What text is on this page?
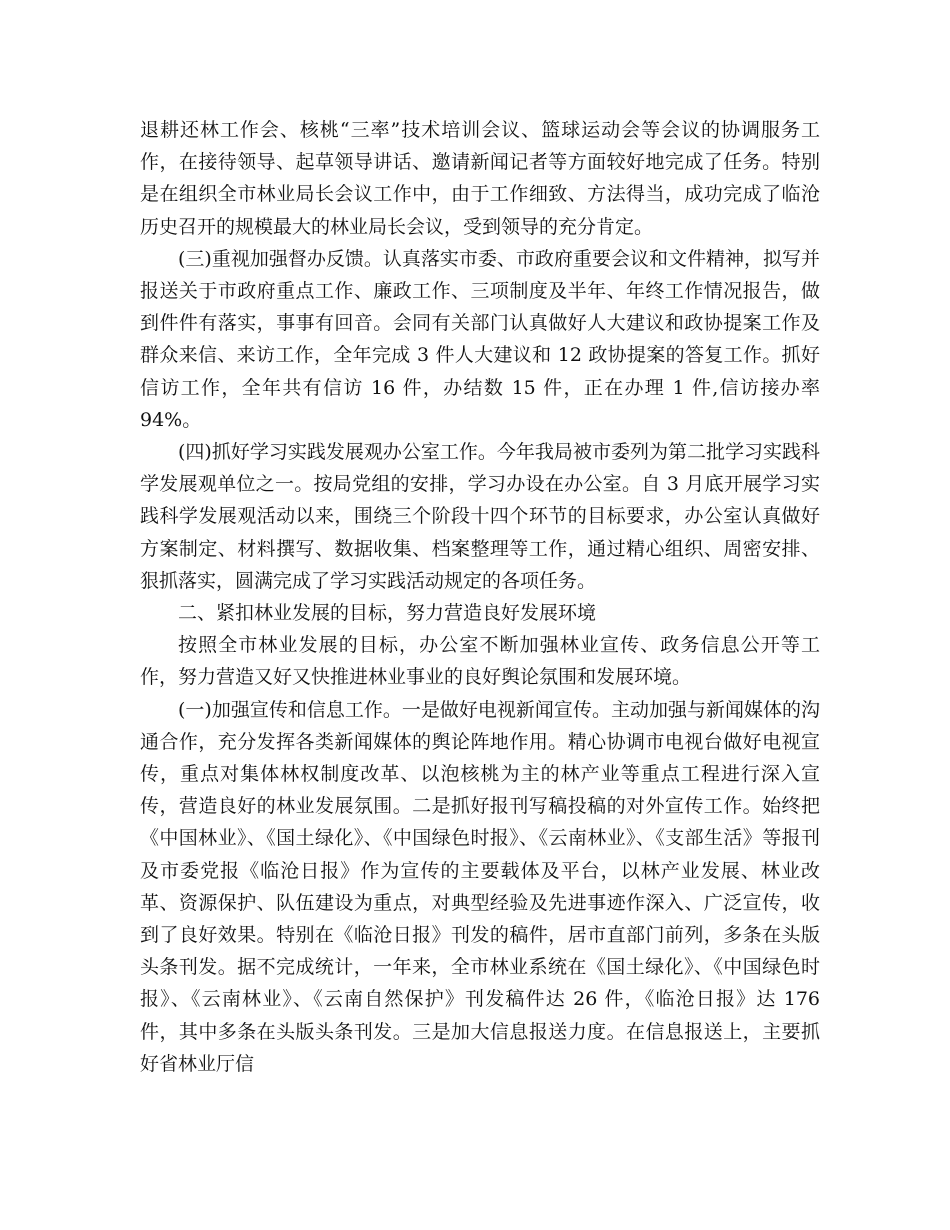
退耕还林工作会、核桃“三率”技术培训会议、篮球运动会等会议的协调服务工作，在接待领导、起草领导讲话、邀请新闻记者等方面较好地完成了任务。特别是在组织全市林业局长会议工作中，由于工作细致、方法得当，成功完成了临沧历史召开的规模最大的林业局长会议，受到领导的充分肯定。

(三)重视加强督办反馈。认真落实市委、市政府重要会议和文件精神，拟写并报送关于市政府重点工作、廉政工作、三项制度及半年、年终工作情况报告，做到件件有落实，事事有回音。会同有关部门认真做好人大建议和政协提案工作及群众来信、来访工作，全年完成 3 件人大建议和 12 政协提案的答复工作。抓好信访工作，全年共有信访 16 件，办结数 15 件，正在办理 1 件,信访接办率 94%。

(四)抓好学习实践发展观办公室工作。今年我局被市委列为第二批学习实践科学发展观单位之一。按局党组的安排，学习办设在办公室。自 3 月底开展学习实践科学发展观活动以来，围绕三个阶段十四个环节的目标要求，办公室认真做好方案制定、材料撰写、数据收集、档案整理等工作，通过精心组织、周密安排、狠抓落实，圆满完成了学习实践活动规定的各项任务。

二、紧扣林业发展的目标，努力营造良好发展环境

按照全市林业发展的目标，办公室不断加强林业宣传、政务信息公开等工作，努力营造又好又快推进林业事业的良好舆论氛围和发展环境。

(一)加强宣传和信息工作。一是做好电视新闻宣传。主动加强与新闻媒体的沟通合作，充分发挥各类新闻媒体的舆论阵地作用。精心协调市电视台做好电视宣传，重点对集体林权制度改革、以泡核桃为主的林产业等重点工程进行深入宣传，营造良好的林业发展氛围。二是抓好报刊写稿投稿的对外宣传工作。始终把《中国林业》、《国土绿化》、《中国绿色时报》、《云南林业》、《支部生活》等报刊及市委党报《临沧日报》作为宣传的主要载体及平台，以林产业发展、林业改革、资源保护、队伍建设为重点，对典型经验及先进事迹作深入、广泛宣传，收到了良好效果。特别在《临沧日报》刊发的稿件，居市直部门前列，多条在头版头条刊发。据不完成统计，一年来，全市林业系统在《国土绿化》、《中国绿色时报》、《云南林业》、《云南自然保护》刊发稿件达 26 件，《临沧日报》达 176 件，其中多条在头版头条刊发。三是加大信息报送力度。在信息报送上，主要抓好省林业厅信
